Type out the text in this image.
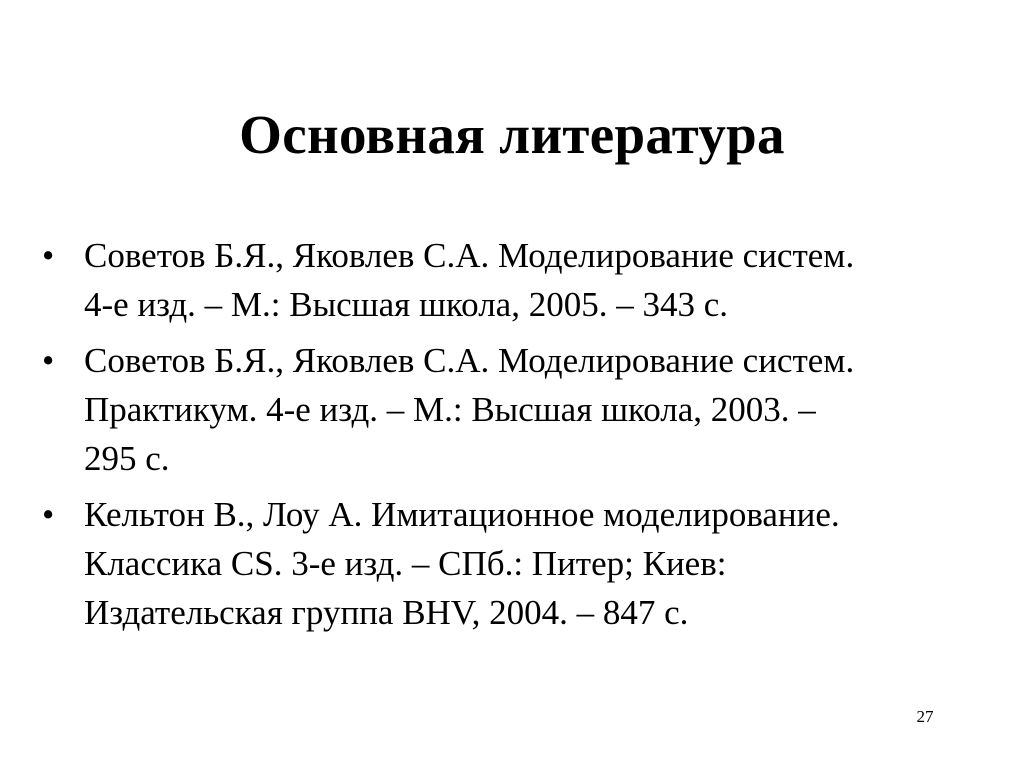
Основная литература
• Советов Б.Я., Яковлев С.А. Моделирование систем.
4-е изд. – М.: Высшая школа, 2005. – 343 с.
• Советов Б.Я., Яковлев С.А. Моделирование систем.
Практикум. 4-е изд. – М.: Высшая школа, 2003. –
295 с.
• Кельтон В., Лоу А. Имитационное моделирование.
Классика CS. 3-е изд. – СПб.: Питер; Киев:
Издательская группа BHV, 2004. – 847 с.
27
